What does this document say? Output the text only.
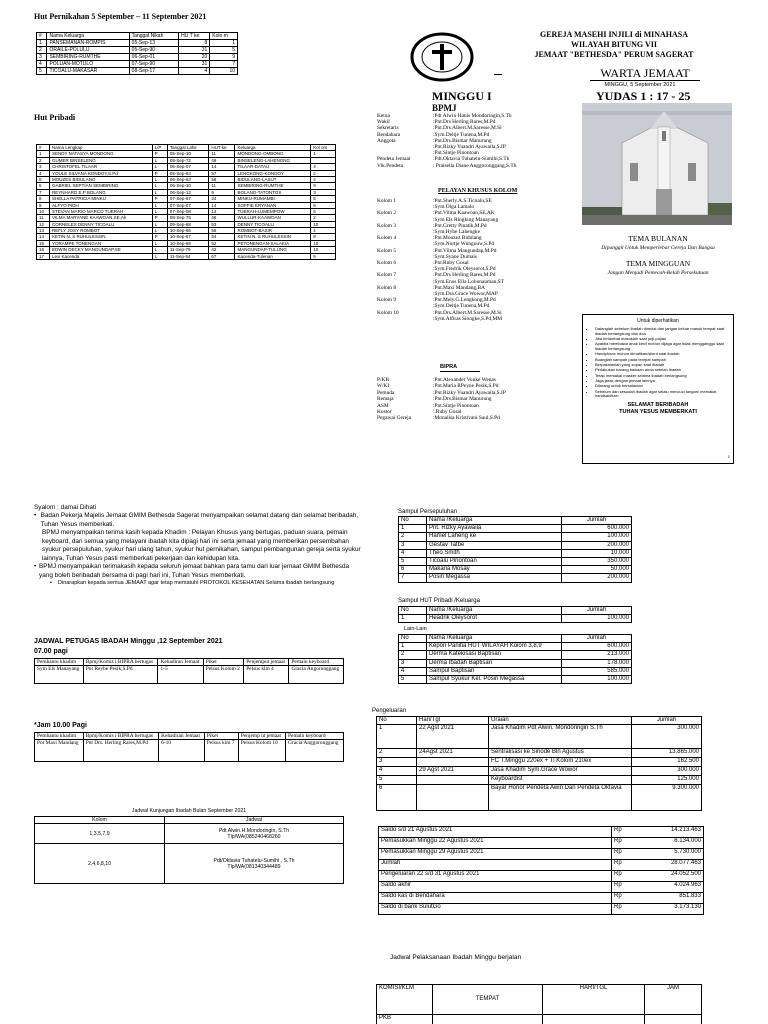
Hut Pernikahan 5 September – 11 September 2021
#	Nama Keluarga	Tanggal Nikah	HU T ke	Kolo m
1	PANSEMANAN-ROMPIS	05-Sep-13	8	1
2	ORAILE-POLULU	05-Sep-90	31	5
3	SEMBIRING-RUMTHE	06-Sep-01	20	9
4	POLUAN-MOTULO	07-Sep-90	31	7
5	TICOALU-MAKASAR	08-Sep-17	4	10
Hut Pribadi
#	Nama Lengkap	L/P	Tanggal Lahir	HUT ke	Keluarga	Kol om
1	SENDY NATASYA MONDONG	P	05-Sep-10	11	MONDONG-OMBONG	1
2	GUMER BINSELENG	L	05-Sep-72	49	BINSELENG-LAHENGNG	
3	CHRISTOFEL TILAAR	L	05-Sep-07	14	TILAAR-DATAU	4
4	YOULE SILVANA KONDOY,S.Pd	P	05-Sep-64	57	LENGKONG-KONDOY	2
5	MOUZES BIDULANG	L	06-Sep-63	58	BIDULANG-LASUT	4
6	GABRIEL SEPTIAN SEMBIRING	L	06-Sep-10	11	SEMBIRING-RUMTHE	9
7	REYNHARD E.P BOLANG	L	06-Sep-12	9	BOLANG-TATONTOS	3
8	SHELLA PATRICIA MINKU	P	07-Sep-97	24	MINKU-RUMAMBI	5
9	ALFYO PIDH	L	07-Sep-07	14	SOFFIE ERYANAN	9
10	STEVAN MARIO MARCO TUERAH	L	07-Sep-08	13	TUERAH-LUMEMPOW	6
11	VILMA MARYANE KAAWOAN,SE,Ak	P	08-Sep-75	46	WULLUR-KAAWOAN	2
12	CORNELES DENNY TICOALU	L	09-Sep-68	53	DENNY TICOALU	10
13	REFLY JOSY ROMBOT	L	10-Sep-66	55	ROMBOT-BASIR	1
14	KETIN N. S RUHULESSIN	P	10-Sep-67	54	KETIN N. S RUHULESSIN	8
15	YORAMPE TONENGAN	L	10-Sep-69	52	PETONENGAN-SALAKIA	10
16	EDWIN DECKY MANGUNDAP,SE	L	11-Sep-79	42	MANGUNDAP-TULUNG	10
17	Lexi Kacenda	L	11-Sep-54	67	Kacenda-Tulenan	9
GEREJA MASEHI INJILI di MINAHASA
WILAYAH BITUNG VII
JEMAAT "BETHESDA" PERUM SAGERAT
WARTA JEMAAT
MINGGU, 5 September 2021
MINGGU I	YUDAS 1 : 17 - 25
BPMJ
Ketua	:Pdt Alwin Hanis Mondoringin,S.Th
Wakil	:Pnt.Drs Herling Rares,M.Pd
Sekretaris	:Pnt.Drs.Albert.M.Saresse,M.Si
Bendahara	:Sym.Deitje Tunena,M.Pd
Anggota	:Pnt.Drs.Bismar Manurung
	:Pnt.Rizky Yuandri Ayawaila,S.IP
	:Pnt.Sintje Pinontoan
Pendeta Jemaat	:Pdt.Oktavia Tuhatelu-Sumihi,S.Th
Vik.Pendeta	: Praisella Diane Anggoronggang,S.Th
PELAYAN KHUSUS KOLOM
Kolom 1	:Pnt.Sherly.A.S.Ticoalu,SE
	:Sym.Olga Lamalo
Kolom 2	:Pnt.Vilma Kaawoan,SE,AK
	:Sym Els Ringking Manayang
Kolom 3	:Pnt.Gretty Pinatik,M.Pd
	:Sym.Hybe Lahengke
Kolom 4	:Pnt.Mouzez Bidulang
	:Sym.Nortje Wungouw,S.Pd
Kolom 5	:Pnt.Vilma Mangundap,M.Pd
	:Sym.Syane Dumais
Kolom 6	:Pnt.Ruby Gosal
	:Sym.Fredrik Oleysorot,S.Pd
Kolom 7	:Pnt.Drs Herling Rares,M.Pd
	:Sym.Enos Ella Lohonauman,ST
Kolom 8	:Pnt.Maxi Mandang,BA
	:Sym.Dra.Grace Wowor,MAP
Kolom 9	:Pnt.Mely.G.Lengkong,M.Pd
	:Sym.Deitje Tunena,M.Pd
Kolom 10	:Pnt.Drs.Albert.M.Saresse,M.Si
	:Sym.Alfiras Siongke,S.Pd,MM
BIPRA
P/KB	:Pnt.Alexander Vouke Wenas
W/KI	:Pnt.Maria RPeyne Pesik,S.Pd
Pemuda	:Pnt.Rizky Yuandri Ayawaila,S.IP
Remaja	:Pnt.Drs.Bismar Manurung
ASM	:Pnt.Sintje Pinontoan

Kostor	:.Ruby Gosal
Pegawai Gereja	:Monalisa Kristivani Saul,S.Pd
TEMA BULANAN
Dipanggil Untuk Memperlebar Gereja Dan Bangsa
TEMA MINGGUAN
Jangan Menjadi Pemecah-Belah Persekutuan
Untuk diperhatikan
• Datanglah sebelum ibadah dimulai dan jangan keluar masuk tempat saat ibadah berlangsung dan doa
• Jika terlambat masuklah saat puji-pujian
• Apabila membawa anak kecil mohon dijaga agar tidak mengganggu saat ibadah berlangsung
• Handphone mohon dimatikan/silent saat ibadah
• Buanglah sampah pada tempat sampah
• Berpakaianlah yang sopan saat ibadah
• Perlakukan barang bawaan anda setelah ibadah
• Tetap memakai masker selama ibadah berlangsung
• Jaga jarak dengan jemaat lainnya
• Dilarang untuk bersalaman
• Sebelum dan sesudah ibadah agar selalu mencuci tangan/ memakai handsanitizer
SELAMAT BERIBADAH
TUHAN YESUS MEMBERKATI
1
Syalom : damai Dihati
• Badan Pekerja Majelis Jemaat GMIM Bethesda Sagerat menyampaikan selamat datang dan selamat beribadah, Tuhan Yesus memberkati.
BPMJ menyampaikan terima kasih kepada Khadim : Pelayan Khusus yang bertugas, paduan suara, pemain keyboard, dan semua yang melayani ibadah kita dipagi hari ini serta jemaat yang memberikan persembahan syukur persepuluhan, syukur hari ulang tahun, syukur hut pernikahan, sampul pembangunan gereja serta syukur lainnya, Tuhan Yesus pasti memberkati pekerjaan dan kehidupan kita.
• BPMJ menyampaikan terimakasih kepada seluruh jemaat bahkan para tamu dari luar jemaat GMIM Bethesda yang boleh beribadah bersama di pagi hari ini, Tuhan Yesus memberkati.
•	Dinarapkan kepada semua JEMAAT agar tetap mematuhi PROTOKOL KESEHATAN Selama ibadah berlangsung
JADWAL PETUGAS IBADAH Minggu ,12 September 2021
07.00 pagi
Pembantu khadim	Bpmj/Komis i BIPRA bertugas	Kehadiran Jemaat	Piket	Penjemput jemaat	Pemain keyboard
Sym Els Manayang	Pnt Reybe Pesik,S.Pd	1-5	Pelsus Kolom 2	Pelsus klm 4	Gracia Angoronggang
*Jam 10.00 Pagi
Pembantu khadim	Bpmj/Komis i BIPRA bertugas	Kehadiran Jemaat	Piket	Penjemp ut jemaat	Pemain keyboard
Pnt Maxi Mandang	Pnt Drs. Herling Rares,M.Pd	6-10	Pelsus klm 7	Pelsus Kolom 10	Gracia Anggoronggang
Jadwal Kunjungan Ibadah Bulan September 2021
Kolom	Jadwal
1,3,5,7,9	Pdt Alwin.H.Mondoringin, S.Th Tlp/WA(085240468260
2,4,6,8,10	Pdt/Oktavia Tuhatelu-Sumihi , S.Th Tlp/WA(081340344489
Sampul Persepuluhan
No	Nama /Keluarga	Jumlah
1	Pnt. Rizky Ayawaila	600.000
2	Hamel Laheng ke	100.000
3	Gestav Tatbe	200.000
4	Theo Smith	10.000
5	Ticoalu Pinontoan	350.000
6	Makaria Mosay	50.000
7	Posiri Megassa	200.000
Sampul HUT Pribadi /Keluarga
No	Nama /Keluarga	Jumlah
1	Headrik Oleysorot	100.000
Lain-Lain
No	Nama /Keluarga	Jumlah
1	Kepon Panitia HUT WILAYAH Kolom 3,8,9	600.000
2	Derma Katekisasi Baptisan	213.000
3	Derma Ibadah Baptisan	178.000
4	Sampul Baptisan	585.000
5	Sampul Syukur Kel. Posiri Megassa	100.000
Pengeluaran
No	Hari/Tgl	Uraian	Jumlah
1	22 Agst 2021	Jasa Khadim Pdt Alwin. Mondoringin S.Th	300.000
2	24Agst 2021	Sentralisasi ke Sinode Bln Agustus	13.865.000
3		FC T.Minggu 220ex + Tl Kolom 210ex	162.500
4	29 Agst 2021	Jasa Khadim Sym.Grace Wowor	300.000
5		Keyboardist	125.000
6		Bayar Honor Pendeta Awin Dan Pendeta Oktavia	9.300.000
Saldo s/d 21 Agustus 2021	Rp	14.213.463
Pemasukkan Minggu 22 Agustus 2021	Rp	8.134.000
Pemasukkan Minggu 29 Agustus 2021	Rp	5.730.000
Jumlah	Rp	28.077.463
Pengeluaran 22 s/d 31 Agustus 2021	Rp	24.052.500
Saldo akhir	Rp	4.024.963
Saldo kas di Bendahara	Rp	851.833
Saldo di bank SulutGo	Rp	3.173.130
Jadwal Pelaksanaan Ibadah Minggu berjalan
KOMISI/KLM	TEMPAT	HARI/TGL	JAM
PKB			
